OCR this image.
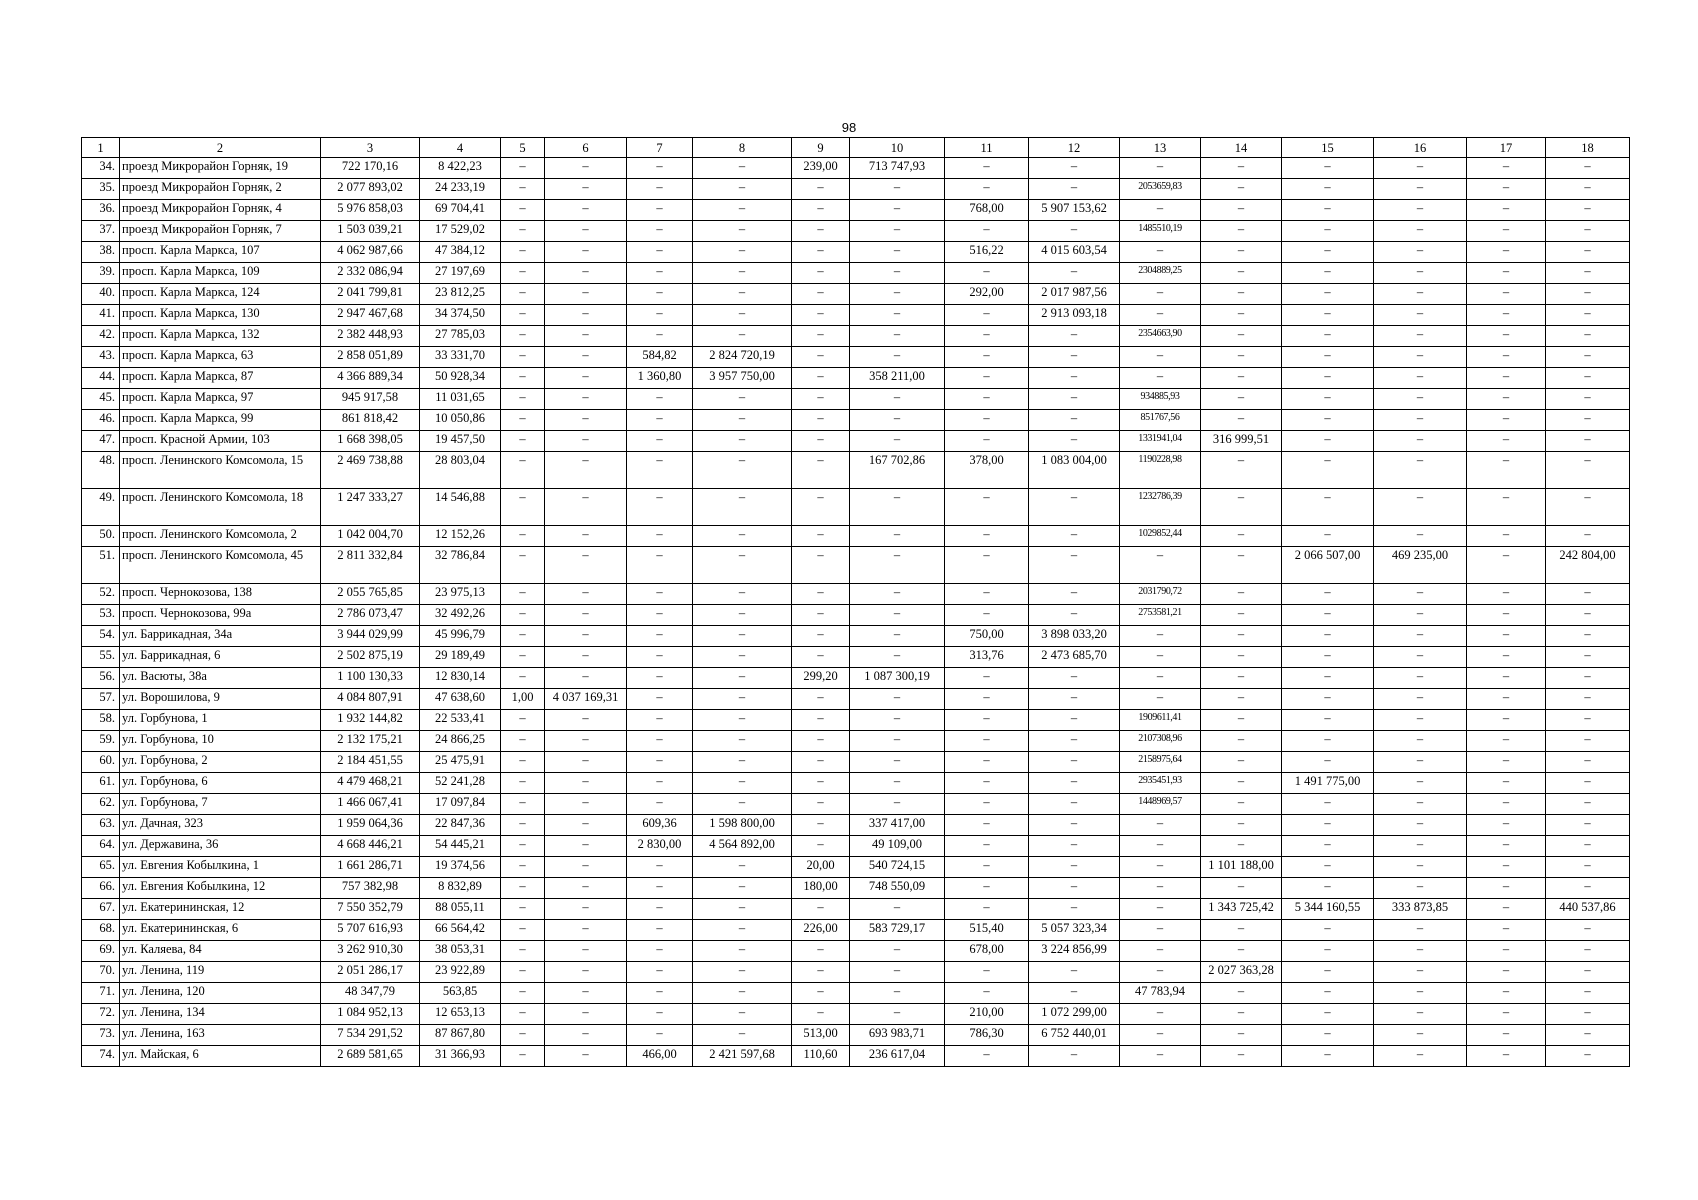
98
1	2	3	4	5	6	7	8	9	10	11	12	13	14	15	16	17	18
34.	проезд Микрорайон Горняк, 19	722 170,16	8 422,23	–	–	–	–	239,00	713 747,93	–	–	–	–	–	–	–	–
35.	проезд Микрорайон Горняк, 2	2 077 893,02	24 233,19	–	–	–	–	–	–	–	–	2053659,83	–	–	–	–	–
36.	проезд Микрорайон Горняк, 4	5 976 858,03	69 704,41	–	–	–	–	–	–	768,00	5 907 153,62	–	–	–	–	–	–
37.	проезд Микрорайон Горняк, 7	1 503 039,21	17 529,02	–	–	–	–	–	–	–	–	1485510,19	–	–	–	–	–
38.	просп. Карла Маркса, 107	4 062 987,66	47 384,12	–	–	–	–	–	–	516,22	4 015 603,54	–	–	–	–	–	–
39.	просп. Карла Маркса, 109	2 332 086,94	27 197,69	–	–	–	–	–	–	–	–	2304889,25	–	–	–	–	–
40.	просп. Карла Маркса, 124	2 041 799,81	23 812,25	–	–	–	–	–	–	292,00	2 017 987,56	–	–	–	–	–	–
41.	просп. Карла Маркса, 130	2 947 467,68	34 374,50	–	–	–	–	–	–	–	2 913 093,18	–	–	–	–	–	–
42.	просп. Карла Маркса, 132	2 382 448,93	27 785,03	–	–	–	–	–	–	–	–	2354663,90	–	–	–	–	–
43.	просп. Карла Маркса, 63	2 858 051,89	33 331,70	–	–	584,82	2 824 720,19	–	–	–	–	–	–	–	–	–	–
44.	просп. Карла Маркса, 87	4 366 889,34	50 928,34	–	–	1 360,80	3 957 750,00	–	358 211,00	–	–	–	–	–	–	–	–
45.	просп. Карла Маркса, 97	945 917,58	11 031,65	–	–	–	–	–	–	–	–	934885,93	–	–	–	–	–
46.	просп. Карла Маркса, 99	861 818,42	10 050,86	–	–	–	–	–	–	–	–	851767,56	–	–	–	–	–
47.	просп. Красной Армии, 103	1 668 398,05	19 457,50	–	–	–	–	–	–	–	–	1331941,04	316 999,51	–	–	–	–
48.	просп. Ленинского Комсомола, 15	2 469 738,88	28 803,04	–	–	–	–	–	167 702,86	378,00	1 083 004,00	1190228,98	–	–	–	–	–
49.	просп. Ленинского Комсомола, 18	1 247 333,27	14 546,88	–	–	–	–	–	–	–	–	1232786,39	–	–	–	–	–
50.	просп. Ленинского Комсомола, 2	1 042 004,70	12 152,26	–	–	–	–	–	–	–	–	1029852,44	–	–	–	–	–
51.	просп. Ленинского Комсомола, 45	2 811 332,84	32 786,84	–	–	–	–	–	–	–	–	–	–	2 066 507,00	469 235,00	–	242 804,00
52.	просп. Чернокозова, 138	2 055 765,85	23 975,13	–	–	–	–	–	–	–	–	2031790,72	–	–	–	–	–
53.	просп. Чернокозова, 99а	2 786 073,47	32 492,26	–	–	–	–	–	–	–	–	2753581,21	–	–	–	–	–
54.	ул. Баррикадная, 34а	3 944 029,99	45 996,79	–	–	–	–	–	–	750,00	3 898 033,20	–	–	–	–	–	–
55.	ул. Баррикадная, 6	2 502 875,19	29 189,49	–	–	–	–	–	–	313,76	2 473 685,70	–	–	–	–	–	–
56.	ул. Васюты, 38а	1 100 130,33	12 830,14	–	–	–	–	299,20	1 087 300,19	–	–	–	–	–	–	–	–
57.	ул. Ворошилова, 9	4 084 807,91	47 638,60	1,00	4 037 169,31	–	–	–	–	–	–	–	–	–	–	–	–
58.	ул. Горбунова, 1	1 932 144,82	22 533,41	–	–	–	–	–	–	–	–	1909611,41	–	–	–	–	–
59.	ул. Горбунова, 10	2 132 175,21	24 866,25	–	–	–	–	–	–	–	–	2107308,96	–	–	–	–	–
60.	ул. Горбунова, 2	2 184 451,55	25 475,91	–	–	–	–	–	–	–	–	2158975,64	–	–	–	–	–
61.	ул. Горбунова, 6	4 479 468,21	52 241,28	–	–	–	–	–	–	–	–	2935451,93	–	1 491 775,00	–	–	–
62.	ул. Горбунова, 7	1 466 067,41	17 097,84	–	–	–	–	–	–	–	–	1448969,57	–	–	–	–	–
63.	ул. Дачная, 323	1 959 064,36	22 847,36	–	–	609,36	1 598 800,00	–	337 417,00	–	–	–	–	–	–	–	–
64.	ул. Державина, 36	4 668 446,21	54 445,21	–	–	2 830,00	4 564 892,00	–	49 109,00	–	–	–	–	–	–	–	–
65.	ул. Евгения Кобылкина, 1	1 661 286,71	19 374,56	–	–	–	–	20,00	540 724,15	–	–	–	1 101 188,00	–	–	–	–
66.	ул. Евгения Кобылкина, 12	757 382,98	8 832,89	–	–	–	–	180,00	748 550,09	–	–	–	–	–	–	–	–
67.	ул. Екатерининская, 12	7 550 352,79	88 055,11	–	–	–	–	–	–	–	–	–	1 343 725,42	5 344 160,55	333 873,85	–	440 537,86
68.	ул. Екатерининская, 6	5 707 616,93	66 564,42	–	–	–	–	226,00	583 729,17	515,40	5 057 323,34	–	–	–	–	–	–
69.	ул. Каляева, 84	3 262 910,30	38 053,31	–	–	–	–	–	–	678,00	3 224 856,99	–	–	–	–	–	–
70.	ул. Ленина, 119	2 051 286,17	23 922,89	–	–	–	–	–	–	–	–	–	2 027 363,28	–	–	–	–
71.	ул. Ленина, 120	48 347,79	563,85	–	–	–	–	–	–	–	–	47 783,94	–	–	–	–	–
72.	ул. Ленина, 134	1 084 952,13	12 653,13	–	–	–	–	–	–	210,00	1 072 299,00	–	–	–	–	–	–
73.	ул. Ленина, 163	7 534 291,52	87 867,80	–	–	–	–	513,00	693 983,71	786,30	6 752 440,01	–	–	–	–	–	–
74.	ул. Майская, 6	2 689 581,65	31 366,93	–	–	466,00	2 421 597,68	110,60	236 617,04	–	–	–	–	–	–	–	–
